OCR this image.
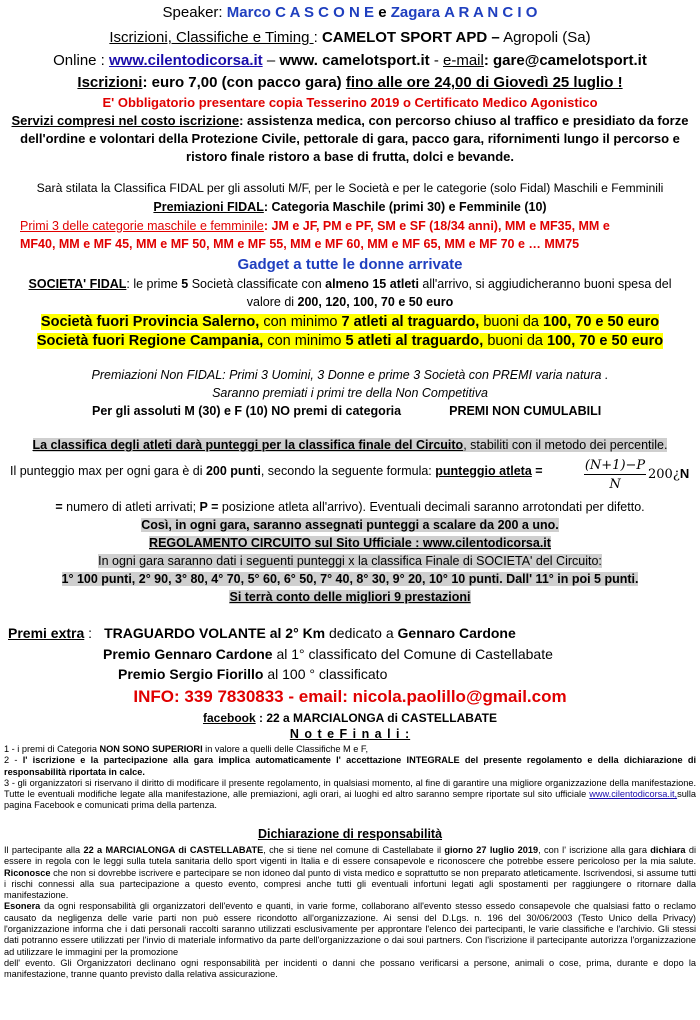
Speaker: Marco C A S C O N E e Zagara A R A N C I O
Iscrizioni, Classifiche e Timing : CAMELOT SPORT APD – Agropoli (Sa)
Online : www.cilentodicorsa.it – www. camelotsport.it - e-mail: gare@camelotsport.it
Iscrizioni: euro 7,00 (con pacco gara) fino alle ore 24,00 di Giovedì 25 luglio !
E' Obbligatorio presentare copia Tesserino 2019 o Certificato Medico Agonistico
Servizi compresi nel costo iscrizione: assistenza medica, con percorso chiuso al traffico e presidiato da forze dell'ordine e volontari della Protezione Civile, pettorale di gara, pacco gara, rifornimenti lungo il percorso e ristoro finale ristoro a base di frutta, dolci e bevande.
Sarà stilata la Classifica FIDAL per gli assoluti M/F, per le Società e per le categorie (solo Fidal) Maschili e Femminili
Premiazioni FIDAL: Categoria Maschile (primi 30) e Femminile (10)
Primi 3 delle categorie maschile e femminile: JM e JF, PM e PF, SM e SF (18/34 anni), MM e MF35, MM e
MF40, MM e MF 45, MM e MF 50, MM e MF 55, MM e MF 60, MM e MF 65, MM e MF 70 e … MM75
Gadget a tutte le donne arrivate
SOCIETA' FIDAL: le prime 5 Società classificate con almeno 15 atleti all'arrivo, si aggiudicheranno buoni spesa del
valore di 200, 120, 100, 70 e 50 euro
Società fuori Provincia Salerno, con minimo 7 atleti al traguardo, buoni da 100, 70 e 50 euro
Società fuori Regione Campania, con minimo 5 atleti al traguardo, buoni da 100, 70 e 50 euro
Premiazioni Non FIDAL: Primi 3 Uomini, 3 Donne e prime 3 Società con PREMI varia natura .
Saranno premiati i primi tre della Non Competitiva
Per gli assoluti M (30) e F (10) NO premi di categoria	PREMI NON CUMULABILI
La classifica degli atleti darà punteggi per la classifica finale del Circuito, stabiliti con il metodo dei percentile.
Il punteggio max per ogni gara è di 200 punti, secondo la seguente formula: punteggio atleta =	$\frac{(N+1)-P}{N}$ 200¿N
= numero di atleti arrivati; P = posizione atleta all'arrivo). Eventuali decimali saranno arrotondati per difetto.
Così, in ogni gara, saranno assegnati punteggi a scalare da 200 a uno.
REGOLAMENTO CIRCUITO sul Sito Ufficiale : www.cilentodicorsa.it
In ogni gara saranno dati i seguenti punteggi x la classifica Finale di SOCIETA' del Circuito:
1° 100 punti, 2° 90, 3° 80, 4° 70, 5° 60, 6° 50, 7° 40, 8° 30, 9° 20, 10° 10 punti. Dall' 11° in poi 5 punti.
Si terrà conto delle migliori 9 prestazioni
Premi extra : TRAGUARDO VOLANTE al 2° Km dedicato a Gennaro Cardone
Premio Gennaro Cardone al 1° classificato del Comune di Castellabate
Premio Sergio Fiorillo al 100 ° classificato
INFO: 339 7830833 - email: nicola.paolillo@gmail.com
facebook : 22 a MARCIALONGA di CASTELLABATE
N o t e F i n a l i :

1 - i premi di Categoria NON SONO SUPERIORI in valore a quelli delle Classifiche M e F,

2 - l' iscrizione e la partecipazione alla gara implica automaticamente l' accettazione INTEGRALE del presente regolamento e della dichiarazione di responsabilità riportata in calce.

3 - gli organizzatori si riservano il diritto di modificare il presente regolamento, in qualsiasi momento, al fine di garantire una migliore organizzazione della manifestazione. Tutte le eventuali modifiche legate alla manifestazione, alle premiazioni, agli orari, ai luoghi ed altro saranno sempre riportate sul sito ufficiale www.cilentodicorsa.it,sulla pagina Facebook e comunicati prima della partenza.

Dichiarazione di responsabilità

Il partecipante alla 22 a MARCIALONGA di CASTELLABATE, che si tiene nel comune di Castellabate il giorno 27 luglio 2019, con l' iscrizione alla gara dichiara di essere in regola con le leggi sulla tutela sanitaria dello sport vigenti in Italia e di essere consapevole e riconoscere che potrebbe essere pericoloso per la mia salute. Riconosce che non si dovrebbe iscrivere e partecipare se non idoneo dal punto di vista medico e soprattutto se non preparato atleticamente. Iscrivendosi, si assume tutti i rischi connessi alla sua partecipazione a questo evento, compresi anche tutti gli eventuali infortuni legati agli spostamenti per raggiungere o ritornare dalla manifestazione.

Esonera da ogni responsabilità gli organizzatori dell'evento e quanti, in varie forme, collaborano all'evento stesso essedo consapevole che qualsiasi fatto o reclamo causato da negligenza delle varie parti non può essere ricondotto all'organizzazione. Ai sensi del D.Lgs. n. 196 del 30/06/2003 (Testo Unico della Privacy) l'organizzazione informa che i dati personali raccolti saranno utilizzati esclusivamente per approntare l'elenco dei partecipanti, le varie classifiche e l'archivio. Gli stessi dati potranno essere utilizzati per l'invio di materiale informativo da parte dell'organizzazione o dai soui partners. Con l'iscrizione il partecipante autorizza l'organizzazione ad utilizzare le immagini per la promozione

dell' evento. Gli Organizzatori declinano ogni responsabilità per incidenti o danni che possano verificarsi a persone, animali o cose, prima, durante e dopo la manifestazione, tranne quanto previsto dalla relativa assicurazione.
